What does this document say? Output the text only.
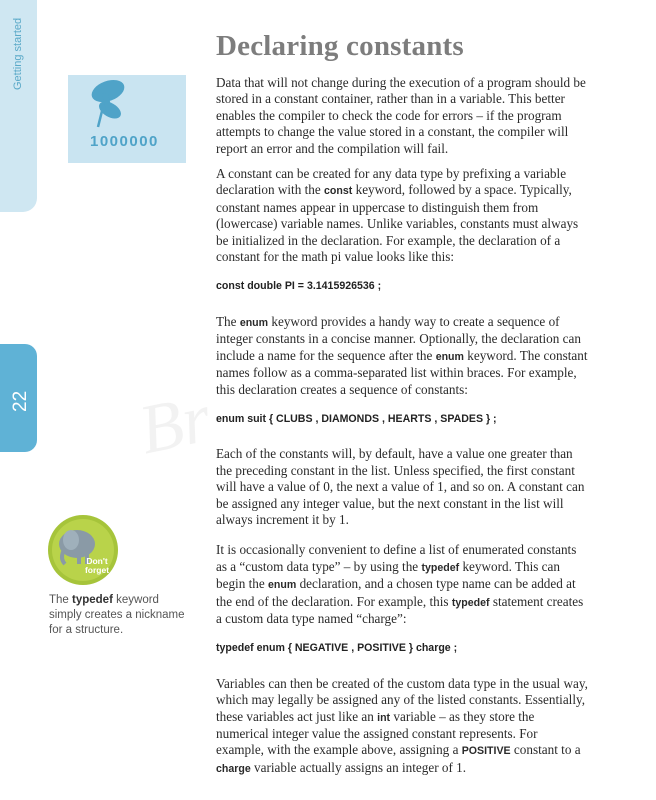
Getting started
22
1000000
Don't
forget
The typedef keyword simply creates a nickname for a structure.
Br
Declaring constants

Data that will not change during the execution of a program should be stored in a constant container, rather than in a variable. This better enables the compiler to check the code for errors – if the program attempts to change the value stored in a constant, the compiler will report an error and the compilation will fail.

A constant can be created for any data type by prefixing a variable declaration with the const keyword, followed by a space. Typically, constant names appear in uppercase to distinguish them from (lowercase) variable names. Unlike variables, constants must always be initialized in the declaration. For example, the declaration of a constant for the math pi value looks like this:

const double PI = 3.1415926536 ;

The enum keyword provides a handy way to create a sequence of integer constants in a concise manner. Optionally, the declaration can include a name for the sequence after the enum keyword. The constant names follow as a comma-separated list within braces. For example, this declaration creates a sequence of constants:

enum suit { CLUBS , DIAMONDS , HEARTS , SPADES } ;

Each of the constants will, by default, have a value one greater than the preceding constant in the list. Unless specified, the first constant will have a value of 0, the next a value of 1, and so on. A constant can be assigned any integer value, but the next constant in the list will always increment it by 1.

It is occasionally convenient to define a list of enumerated constants as a “custom data type” – by using the typedef keyword. This can begin the enum declaration, and a chosen type name can be added at the end of the declaration. For example, this typedef statement creates a custom data type named “charge”:

typedef enum { NEGATIVE , POSITIVE } charge ;

Variables can then be created of the custom data type in the usual way, which may legally be assigned any of the listed constants. Essentially, these variables act just like an int variable – as they store the numerical integer value the assigned constant represents. For example, with the example above, assigning a POSITIVE constant to a charge variable actually assigns an integer of 1.
